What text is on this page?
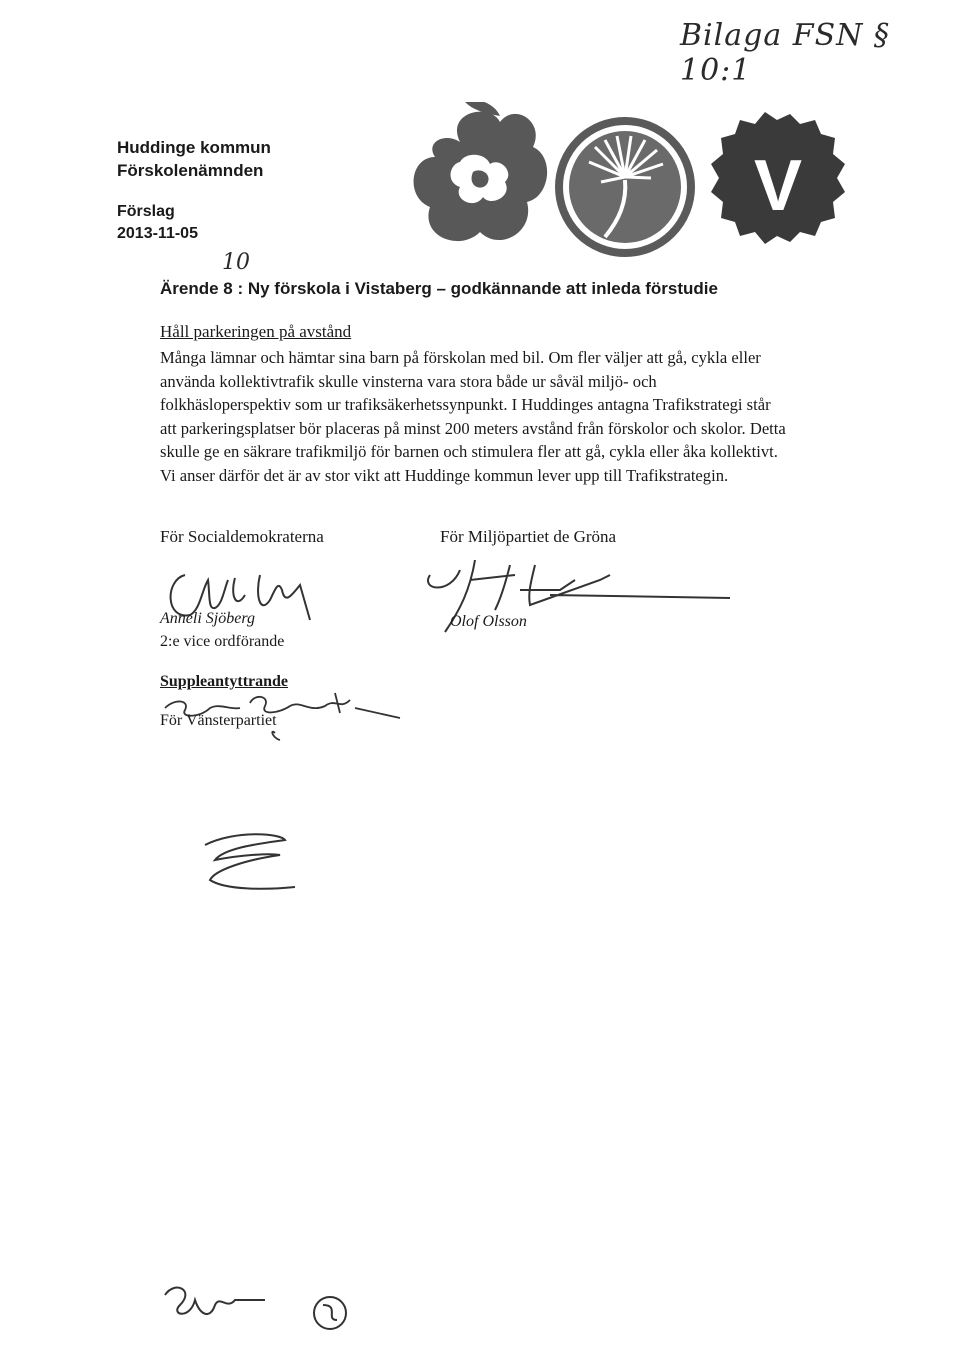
Bilaga FSN § 10:1
Huddinge kommun
Förskolenämnden
Förslag
2013-11-05
V
10
Ärende 8 : Ny förskola i Vistaberg – godkännande att inleda förstudie
Håll parkeringen på avstånd

Många lämnar och hämtar sina barn på förskolan med bil. Om fler väljer att gå, cykla eller
använda kollektivtrafik skulle vinsterna vara stora både ur såväl miljö- och
folkhäsloperspektiv som ur trafiksäkerhetssynpunkt. I Huddinges antagna Trafikstrategi står
att parkeringsplatser bör placeras på minst 200 meters avstånd från förskolor och skolor. Detta
skulle ge en säkrare trafikmiljö för barnen och stimulera fler att gå, cykla eller åka kollektivt.
Vi anser därför det är av stor vikt att Huddinge kommun lever upp till Trafikstrategin.

För Socialdemokraterna
Anneli Sjöberg
2:e vice ordförande
För Miljöpartiet de Gröna
Olof Olsson
Suppleantyttrande
För Vänsterpartiet
